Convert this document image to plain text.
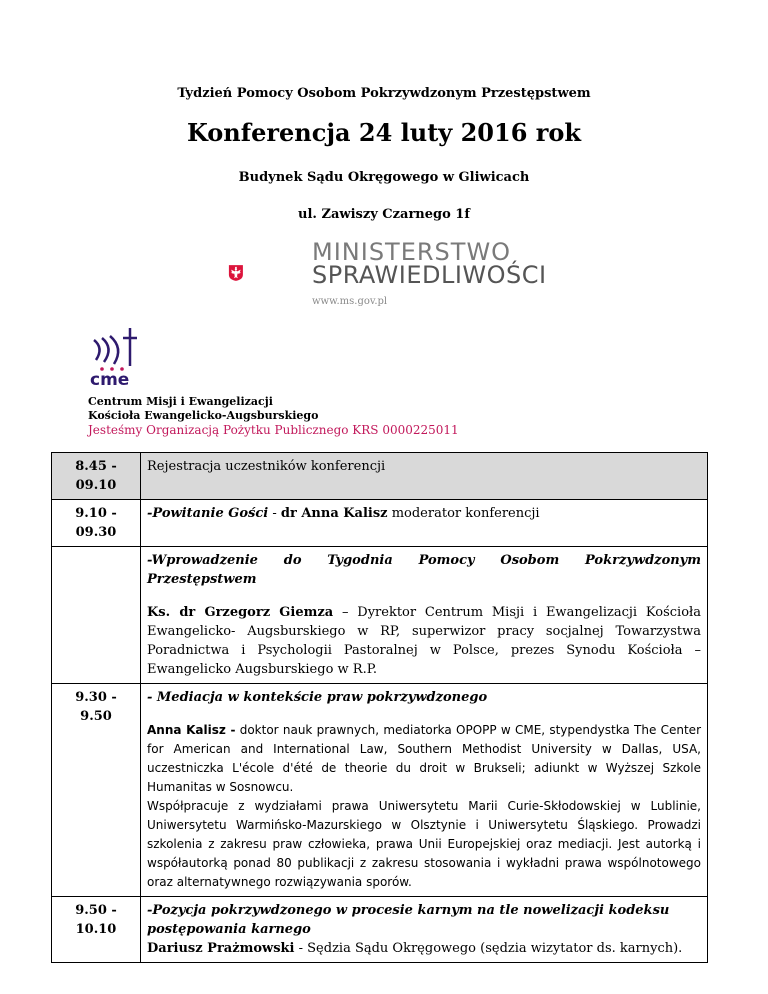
Tydzień Pomocy Osobom Pokrzywdzonym Przestępstwem
Konferencja 24 luty 2016 rok
Budynek Sądu Okręgowego w Gliwicach
ul. Zawiszy Czarnego 1f
MINISTERSTWO
SPRAWIEDLIWOŚCI
www.ms.gov.pl
cme
Centrum Misji i Ewangelizacji
Kościoła Ewangelicko-Augsburskiego
Jesteśmy Organizacją Pożytku Publicznego KRS 0000225011
8.45 - 09.10	Rejestracja uczestników konferencji
9.10 - 09.30	-Powitanie Gości - dr Anna Kalisz moderator konferencji

	-Wprowadzenie do Tygodnia Pomocy Osobom Pokrzywdzonym Przestępstwem
Ks. dr Grzegorz Giemza – Dyrektor Centrum Misji i Ewangelizacji Kościoła Ewangelicko- Augsburskiego w RP, superwizor pracy socjalnej Towarzystwa Poradnictwa i Psychologii Pastoralnej w Polsce, prezes Synodu Kościoła –Ewangelicko Augsburskiego w R.P.

9.30 - 9.50	- Mediacja w kontekście praw pokrzywdzonego
Anna Kalisz - doktor nauk prawnych, mediatorka OPOPP w CME, stypendystka The Center for American and International Law, Southern Methodist University w Dallas, USA, uczestniczka L'école d'été de theorie du droit w Brukseli; adiunkt w Wyższej Szkole Humanitas w Sosnowcu.
Współpracuje z wydziałami prawa Uniwersytetu Marii Curie-Skłodowskiej w Lublinie, Uniwersytetu Warmińsko-Mazurskiego w Olsztynie i Uniwersytetu Śląskiego. Prowadzi szkolenia z zakresu praw człowieka, prawa Unii Europejskiej oraz mediacji. Jest autorką i współautorką ponad 80 publikacji z zakresu stosowania i wykładni prawa wspólnotowego oraz alternatywnego rozwiązywania sporów.

9.50 - 10.10	-Pozycja pokrzywdzonego w procesie karnym na tle nowelizacji kodeksu postępowania karnego
Dariusz Prażmowski - Sędzia Sądu Okręgowego (sędzia wizytator ds. karnych).
